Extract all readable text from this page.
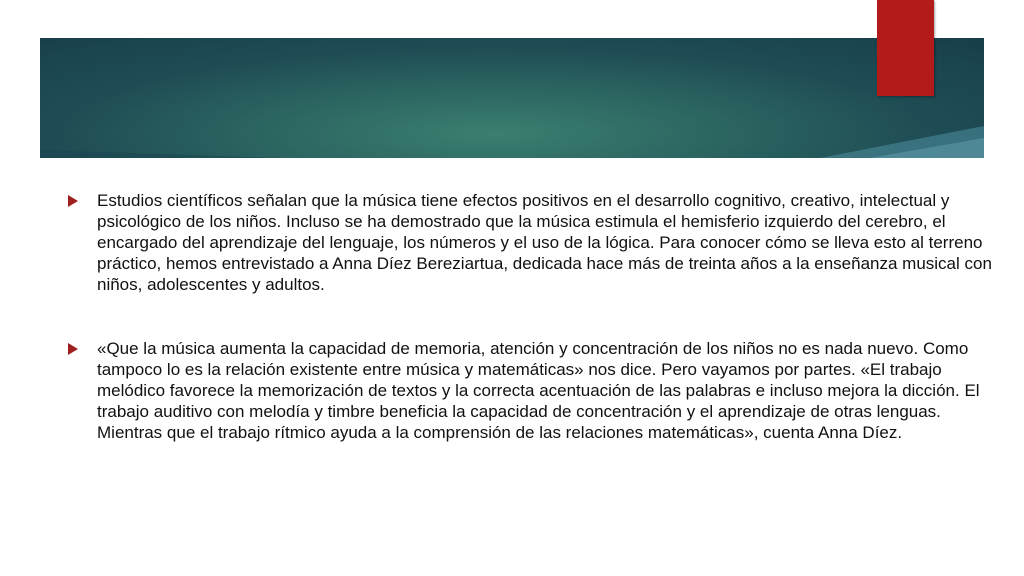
Estudios científicos señalan que la música tiene efectos positivos en el desarrollo cognitivo, creativo, intelectual y psicológico de los niños. Incluso se ha demostrado que la música estimula el hemisferio izquierdo del cerebro, el encargado del aprendizaje del lenguaje, los números y el uso de la lógica. Para conocer cómo se lleva esto al terreno práctico, hemos entrevistado a Anna Díez Bereziartua, dedicada hace más de treinta años a la enseñanza musical con niños, adolescentes y adultos.
«Que la música aumenta la capacidad de memoria, atención y concentración de los niños no es nada nuevo. Como tampoco lo es la relación existente entre música y matemáticas» nos dice. Pero vayamos por partes. «El trabajo melódico favorece la memorización de textos y la correcta acentuación de las palabras e incluso mejora la dicción. El trabajo auditivo con melodía y timbre beneficia la capacidad de concentración y el aprendizaje de otras lenguas. Mientras que el trabajo rítmico ayuda a la comprensión de las relaciones matemáticas», cuenta Anna Díez.
